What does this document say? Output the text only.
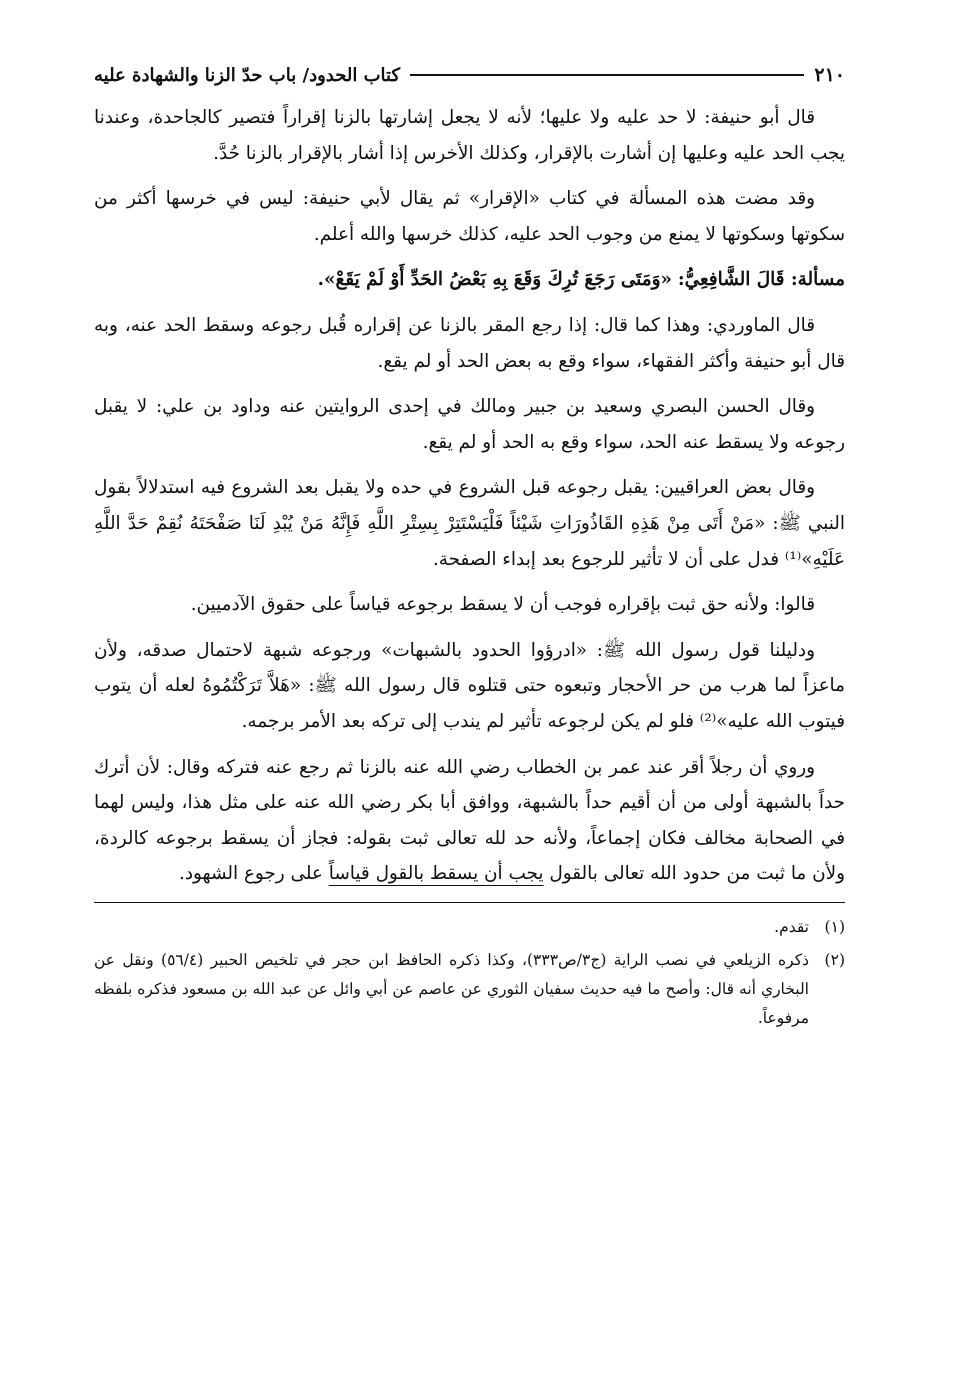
٢١٠
كتاب الحدود/ باب حدّ الزنا والشهادة عليه

قال أبو حنيفة: لا حد عليه ولا عليها؛ لأنه لا يجعل إشارتها بالزنا إقراراً فتصير كالجاحدة، وعندنا يجب الحد عليه وعليها إن أشارت بالإقرار، وكذلك الأخرس إذا أشار بالإقرار بالزنا حُدَّ.

وقد مضت هذه المسألة في كتاب «الإقرار» ثم يقال لأبي حنيفة: ليس في خرسها أكثر من سكوتها وسكوتها لا يمنع من وجوب الحد عليه، كذلك خرسها والله أعلم.

مسألة: قَالَ الشَّافِعِيُّ: «وَمَتَى رَجَعَ تُرِكَ وَقَعَ بِهِ بَعْضُ الحَدِّ أَوْ لَمْ يَقَعْ».

قال الماوردي: وهذا كما قال: إذا رجع المقر بالزنا عن إقراره قُبل رجوعه وسقط الحد عنه، وبه قال أبو حنيفة وأكثر الفقهاء، سواء وقع به بعض الحد أو لم يقع.

وقال الحسن البصري وسعيد بن جبير ومالك في إحدى الروايتين عنه وداود بن علي: لا يقبل رجوعه ولا يسقط عنه الحد، سواء وقع به الحد أو لم يقع.

وقال بعض العراقيين: يقبل رجوعه قبل الشروع في حده ولا يقبل بعد الشروع فيه استدلالاً بقول النبي ﷺ: «مَنْ أَتَى مِنْ هَذِهِ القَاذُورَاتِ شَيْئاً فَلْيَسْتَتِرْ بِسِتْرِ اللَّهِ فَإِنَّهُ مَنْ يُبْدِ لَنَا صَفْحَتَهُ نُقِمْ حَدَّ اللَّهِ عَلَيْهِ»⁽¹⁾ فدل على أن لا تأثير للرجوع بعد إبداء الصفحة.

قالوا: ولأنه حق ثبت بإقراره فوجب أن لا يسقط برجوعه قياساً على حقوق الآدميين.

ودليلنا قول رسول الله ﷺ: «ادرؤوا الحدود بالشبهات» ورجوعه شبهة لاحتمال صدقه، ولأن ماعزاً لما هرب من حر الأحجار وتبعوه حتى قتلوه قال رسول الله ﷺ: «هَلاَّ تَرَكْتُمُوهُ لعله أن يتوب فيتوب الله عليه»⁽²⁾ فلو لم يكن لرجوعه تأثير لم يندب إلى تركه بعد الأمر برجمه.

وروي أن رجلاً أقر عند عمر بن الخطاب رضي الله عنه بالزنا ثم رجع عنه فتركه وقال: لأن أترك حداً بالشبهة أولى من أن أقيم حداً بالشبهة، ووافق أبا بكر رضي الله عنه على مثل هذا، وليس لهما في الصحابة مخالف فكان إجماعاً، ولأنه حد لله تعالى ثبت بقوله: فجاز أن يسقط برجوعه كالردة، ولأن ما ثبت من حدود الله تعالى بالقول يجب أن يسقط بالقول قياساً على رجوع الشهود.

(١)
تقدم.
(٢)
ذكره الزيلعي في نصب الراية (ج٣/ص٣٣٣)، وكذا ذكره الحافظ ابن حجر في تلخيص الحبير (٥٦/٤) ونقل عن البخاري أنه قال: وأصح ما فيه حديث سفيان الثوري عن عاصم عن أبي وائل عن عبد الله بن مسعود فذكره بلفظه مرفوعاً.
